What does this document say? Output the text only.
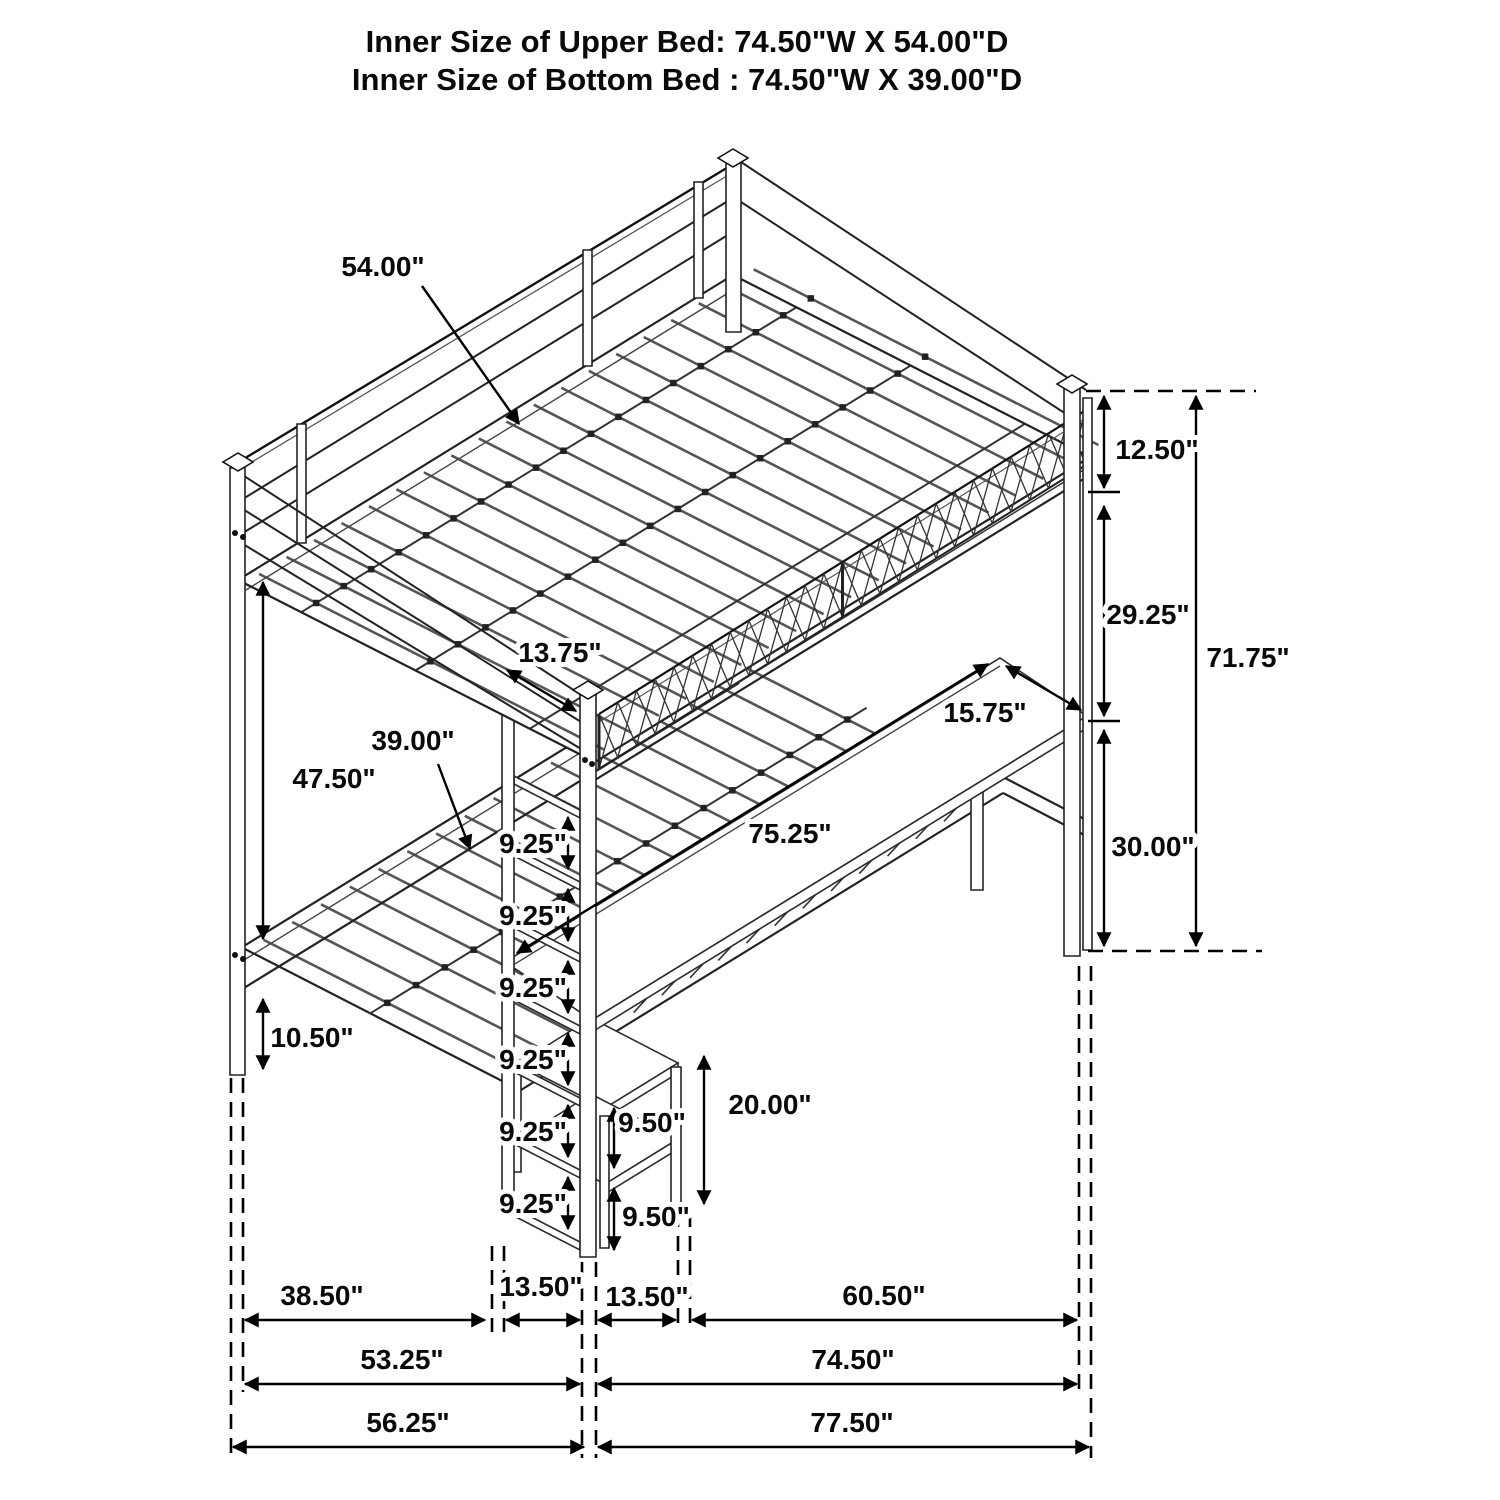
Inner Size of Upper Bed: 74.50"W X 54.00"D
Inner Size of Bottom Bed : 74.50"W X 39.00"D
54.00"
12.50"
29.25"
71.75"
13.75"
15.75"
39.00"
47.50"
75.25"
9.25"
9.25"
9.25"
9.25"
9.25"
9.25"
9.50"
9.50"
20.00"
30.00"
10.50"
38.50"	13.50" 13.50"	60.50"
53.25"	74.50"
56.25"	77.50"
